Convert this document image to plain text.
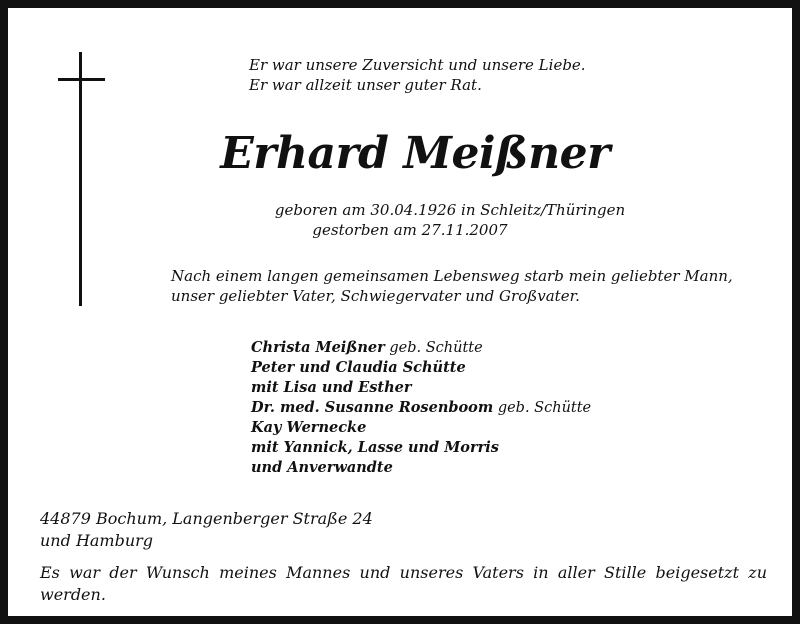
Er war unsere Zuversicht und unsere Liebe.
Er war allzeit unser guter Rat.
Erhard Meißner
geboren am 30.04.1926 in Schleitz/Thüringen
gestorben am 27.11.2007
Nach einem langen gemeinsamen Lebensweg starb mein geliebter Mann,
unser geliebter Vater, Schwiegervater und Großvater.
Christa Meißner geb. Schütte
Peter und Claudia Schütte
mit Lisa und Esther
Dr. med. Susanne Rosenboom geb. Schütte
Kay Wernecke
mit Yannick, Lasse und Morris
und Anverwandte
44879 Bochum, Langenberger Straße 24
und Hamburg
Es war der Wunsch meines Mannes und unseres Vaters in aller Stille beigesetzt zu werden.
